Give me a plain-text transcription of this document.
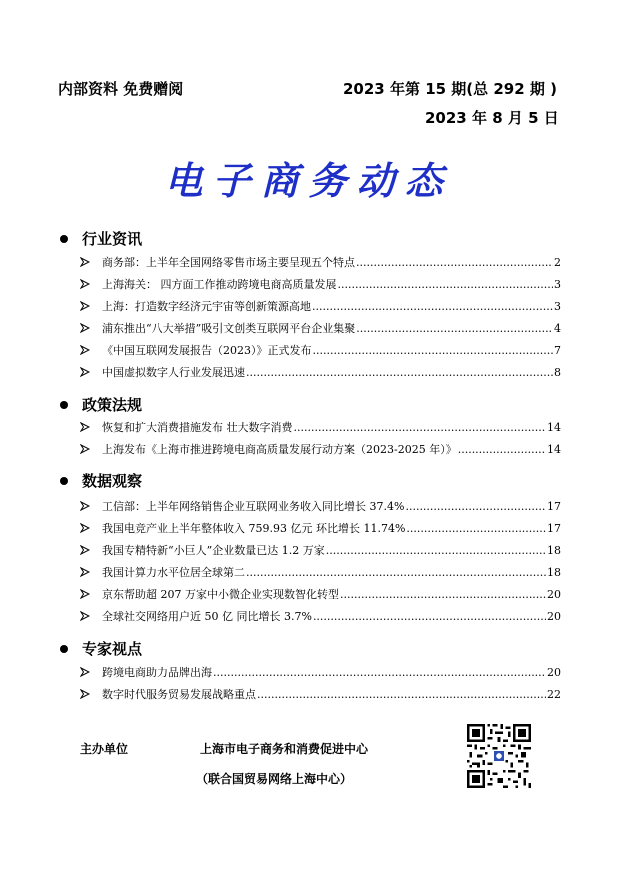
内部资料 免费赠阅	2023 年第 15 期(总 292 期 )
2023 年 8 月 5 日
电子商务动态
行业资讯
商务部：上半年全国网络零售市场主要呈现五个特点 .....	2
上海海关： 四方面工作推动跨境电商高质量发展 .....	3
上海：打造数字经济元宇宙等创新策源高地 .....	3
浦东推出“八大举措”吸引文创类互联网平台企业集聚 .....	4
《中国互联网发展报告（2023）》正式发布 .....	7
中国虚拟数字人行业发展迅速 .....	8
政策法规
恢复和扩大消费措施发布 壮大数字消费 .....	14
上海发布《上海市推进跨境电商高质量发展行动方案（2023-2025 年）》 .....	14
数据观察
工信部：上半年网络销售企业互联网业务收入同比增长 37.4% .....	17
我国电竞产业上半年整体收入 759.93 亿元 环比增长 11.74% .....	17
我国专精特新“小巨人”企业数量已达 1.2 万家 .....	18
我国计算力水平位居全球第二 .....	18
京东帮助超 207 万家中小微企业实现数智化转型 .....	20
全球社交网络用户近 50 亿 同比增长 3.7% .....	20
专家视点
跨境电商助力品牌出海 .....	20
数字时代服务贸易发展战略重点 .....	22
主办单位	上海市电子商务和消费促进中心
（联合国贸易网络上海中心）
